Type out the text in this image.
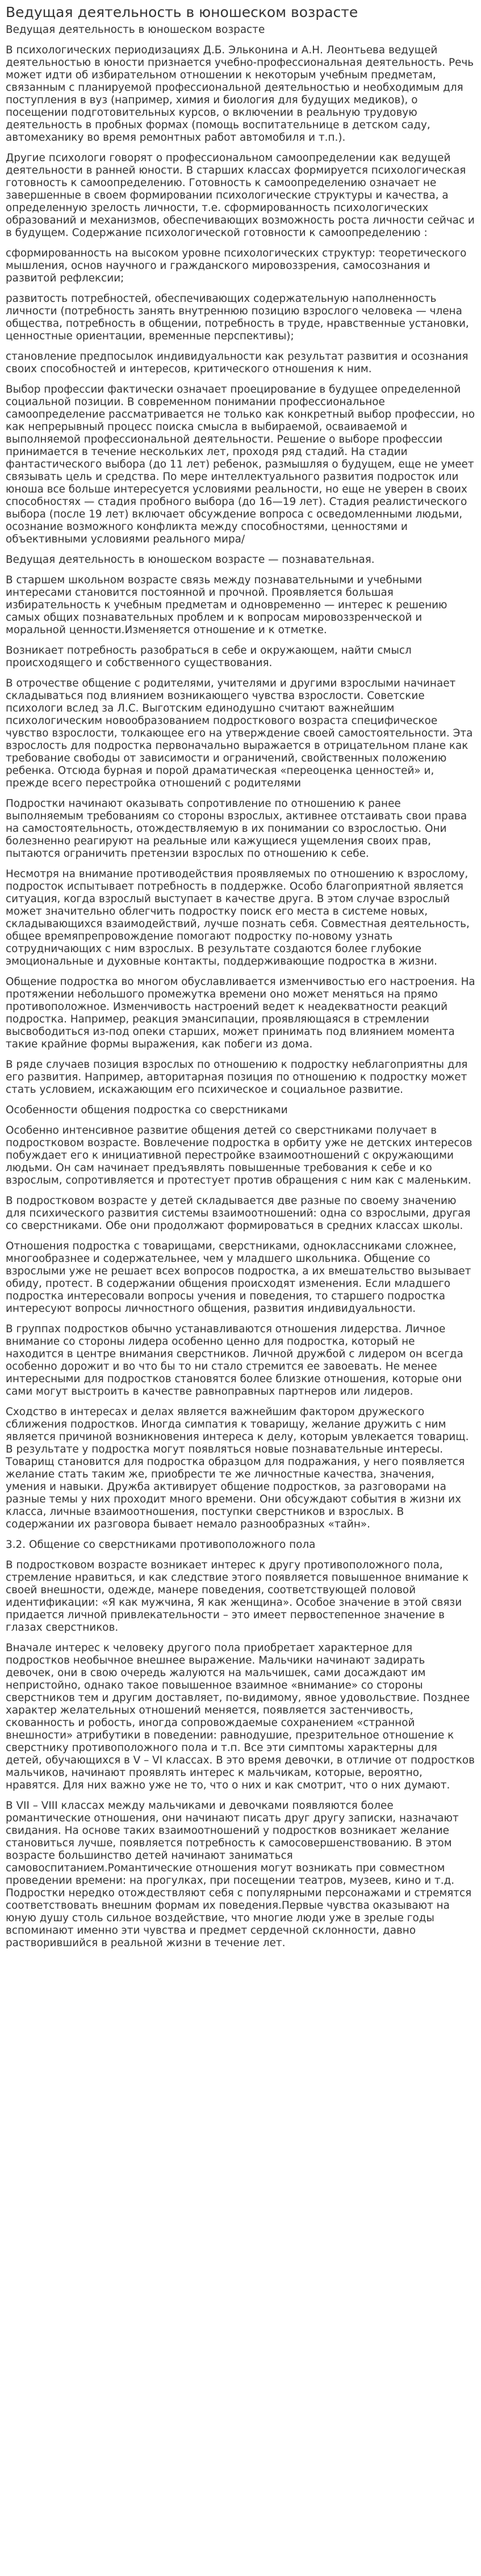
Ведущая деятельность в юношеском возрасте

Ведущая деятельность в юношеском возрасте

В психологических периодизациях Д.Б. Эльконина и А.Н. Леонтьева ведущей деятельностью в юности признается учебно-профессиональная деятельность. Речь может идти об избирательном отношении к некоторым учебным предметам, связанным с планируемой профессиональной деятельностью и необходимым для поступления в вуз (например, химия и биология для будущих медиков), о посещении подготовительных курсов, о включении в реальную трудовую деятельность в пробных формах (помощь воспитательнице в детском саду, автомеханику во время ремонтных работ автомобиля и т.п.).

Другие психологи говорят о профессиональном самоопределении как ведущей деятельности в ранней юности. В старших классах формируется психологическая готовность к самоопределению. Готовность к самоопределению означает не завершенные в своем формировании психологические структуры и качества, а определенную зрелость личности, т.е. сформированность психологических образований и механизмов, обеспечивающих возможность роста личности сейчас и в будущем. Содержание психологической готовности к самоопределению :

сформированность на высоком уровне психологических структур: теоретического мышления, основ научного и гражданского мировоззрения, самосознания и развитой рефлексии;

развитость потребностей, обеспечивающих содержательную наполненность личности (потребность занять внутреннюю позицию взрослого человека — члена общества, потребность в общении, потребность в труде, нравственные установки, ценностные ориентации, временные перспективы);

становление предпосылок индивидуальности как результат развития и осознания своих способностей и интересов, критического отношения к ним.

Выбор профессии фактически означает проецирование в будущее определенной социальной позиции. В современном понимании профессиональное самоопределение рассматривается не только как конкретный выбор профессии, но как непрерывный процесс поиска смысла в выбираемой, осваиваемой и выполняемой профессиональной деятельности. Решение о выборе профессии принимается в течение нескольких лет, проходя ряд стадий. На стадии фантастического выбора (до 11 лет) ребенок, размышляя о будущем, еще не умеет связывать цель и средства. По мере интеллектуального развития подросток или юноша все больше интересуется условиями реальности, но еще не уверен в своих способностях — стадия пробного выбора (до 16—19 лет). Стадия реалистического выбора (после 19 лет) включает обсуждение вопроса с осведомленными людьми, осознание возможного конфликта между способностями, ценностями и объективными условиями реального мира/

Ведущая деятельность в юношеском возрасте — познавательная.

В старшем школьном возрасте связь между познавательными и учебными интересами становится постоянной и прочной. Проявляется большая избирательность к учебным предметам и одновременно — интерес к решению самых общих познавательных проблем и к вопросам мировоззренческой и моральной ценности.Изменяется отношение и к отметке.

Возникает потребность разобраться в себе и окружающем, найти смысл происходящего и собственного существования.

В отрочестве общение с родителями, учителями и другими взрослыми начинает складываться под влиянием возникающего чувства взрослости. Советские психологи вслед за Л.С. Выготским единодушно считают важнейшим психологическим новообразованием подросткового возраста специфическое чувство взрослости, толкающее его на утверждение своей самостоятельности. Эта взрослость для подростка первоначально выражается в отрицательном плане как требование свободы от зависимости и ограничений, свойственных положению ребенка. Отсюда бурная и порой драматическая «переоценка ценностей» и, прежде всего перестройка отношений с родителями

Подростки начинают оказывать сопротивление по отношению к ранее выполняемым требованиям со стороны взрослых, активнее отстаивать свои права на самостоятельность, отождествляемую в их понимании со взрослостью. Они болезненно реагируют на реальные или кажущиеся ущемления своих прав, пытаются ограничить претензии взрослых по отношению к себе.

Несмотря на внимание противодействия проявляемых по отношению к взрослому, подросток испытывает потребность в поддержке. Особо благоприятной является ситуация, когда взрослый выступает в качестве друга. В этом случае взрослый может значительно облегчить подростку поиск его места в системе новых, складывающихся взаимодействий, лучше познать себя. Совместная деятельность, общее времяпрепровождение помогают подростку по-новому узнать сотрудничающих с ним взрослых. В результате создаются более глубокие эмоциональные и духовные контакты, поддерживающие подростка в жизни.

Общение подростка во многом обуславливается изменчивостью его настроения. На протяжении небольшого промежутка времени оно может меняться на прямо противоположное. Изменчивость настроений ведет к неадекватности реакций подростка. Например, реакция эмансипации, проявляющаяся в стремлении высвободиться из-под опеки старших, может принимать под влиянием момента такие крайние формы выражения, как побеги из дома.

В ряде случаев позиция взрослых по отношению к подростку неблагоприятны для его развития. Например, авторитарная позиция по отношению к подростку может стать условием, искажающим его психическое и социальное развитие.

Особенности общения подростка со сверстниками

Особенно интенсивное развитие общения детей со сверстниками получает в подростковом возрасте. Вовлечение подростка в орбиту уже не детских интересов побуждает его к инициативной перестройке взаимоотношений с окружающими людьми. Он сам начинает предъявлять повышенные требования к себе и ко взрослым, сопротивляется и протестует против обращения с ним как с маленьким.

В подростковом возрасте у детей складывается две разные по своему значению для психического развития системы взаимоотношений: одна со взрослыми, другая со сверстниками. Обе они продолжают формироваться в средних классах школы.

Отношения подростка с товарищами, сверстниками, одноклассниками сложнее, многообразнее и содержательнее, чем у младшего школьника. Общение со взрослыми уже не решает всех вопросов подростка, а их вмешательство вызывает обиду, протест. В содержании общения происходят изменения. Если младшего подростка интересовали вопросы учения и поведения, то старшего подростка интересуют вопросы личностного общения, развития индивидуальности.

В группах подростков обычно устанавливаются отношения лидерства. Личное внимание со стороны лидера особенно ценно для подростка, который не находится в центре внимания сверстников. Личной дружбой с лидером он всегда особенно дорожит и во что бы то ни стало стремится ее завоевать. Не менее интересными для подростков становятся более близкие отношения, которые они сами могут выстроить в качестве равноправных партнеров или лидеров.

Сходство в интересах и делах является важнейшим фактором дружеского сближения подростков. Иногда симпатия к товарищу, желание дружить с ним является причиной возникновения интереса к делу, которым увлекается товарищ. В результате у подростка могут появляться новые познавательные интересы. Товарищ становится для подростка образцом для подражания, у него появляется желание стать таким же, приобрести те же личностные качества, значения, умения и навыки. Дружба активирует общение подростков, за разговорами на разные темы у них проходит много времени. Они обсуждают события в жизни их класса, личные взаимоотношения, поступки сверстников и взрослых. В содержании их разговора бывает немало разнообразных «тайн».

3.2. Общение со сверстниками противоположного пола

В подростковом возрасте возникает интерес к другу противоположного пола, стремление нравиться, и как следствие этого появляется повышенное внимание к своей внешности, одежде, манере поведения, соответствующей половой идентификации: «Я как мужчина, Я как женщина». Особое значение в этой связи придается личной привлекательности – это имеет первостепенное значение в глазах сверстников.

Вначале интерес к человеку другого пола приобретает характерное для подростков необычное внешнее выражение. Мальчики начинают задирать девочек, они в свою очередь жалуются на мальчишек, сами досаждают им непристойно, однако такое повышенное взаимное «внимание» со стороны сверстников тем и другим доставляет, по-видимому, явное удовольствие. Позднее характер желательных отношений меняется, появляется застенчивость, скованность и робость, иногда сопровождаемые сохранением «странной внешности» атрибутики в поведении: равнодушие, презрительное отношение к сверстнику противоположного пола и т.п. Все эти симптомы характерны для детей, обучающихся в V – VI классах. В это время девочки, в отличие от подростков мальчиков, начинают проявлять интерес к мальчикам, которые, вероятно, нравятся. Для них важно уже не то, что о них и как смотрит, что о них думают.

В VII – VIII классах между мальчиками и девочками появляются более романтические отношения, они начинают писать друг другу записки, назначают свидания. На основе таких взаимоотношений у подростков возникает желание становиться лучше, появляется потребность к самосовершенствованию. В этом возрасте большинство детей начинают заниматься самовоспитанием.Романтические отношения могут возникать при совместном проведении времени: на прогулках, при посещении театров, музеев, кино и т.д. Подростки нередко отождествляют себя с популярными персонажами и стремятся соответствовать внешним формам их поведения.Первые чувства оказывают на юную душу столь сильное воздействие, что многие люди уже в зрелые годы вспоминают именно эти чувства и предмет сердечной склонности, давно растворившийся в реальной жизни в течение лет.
